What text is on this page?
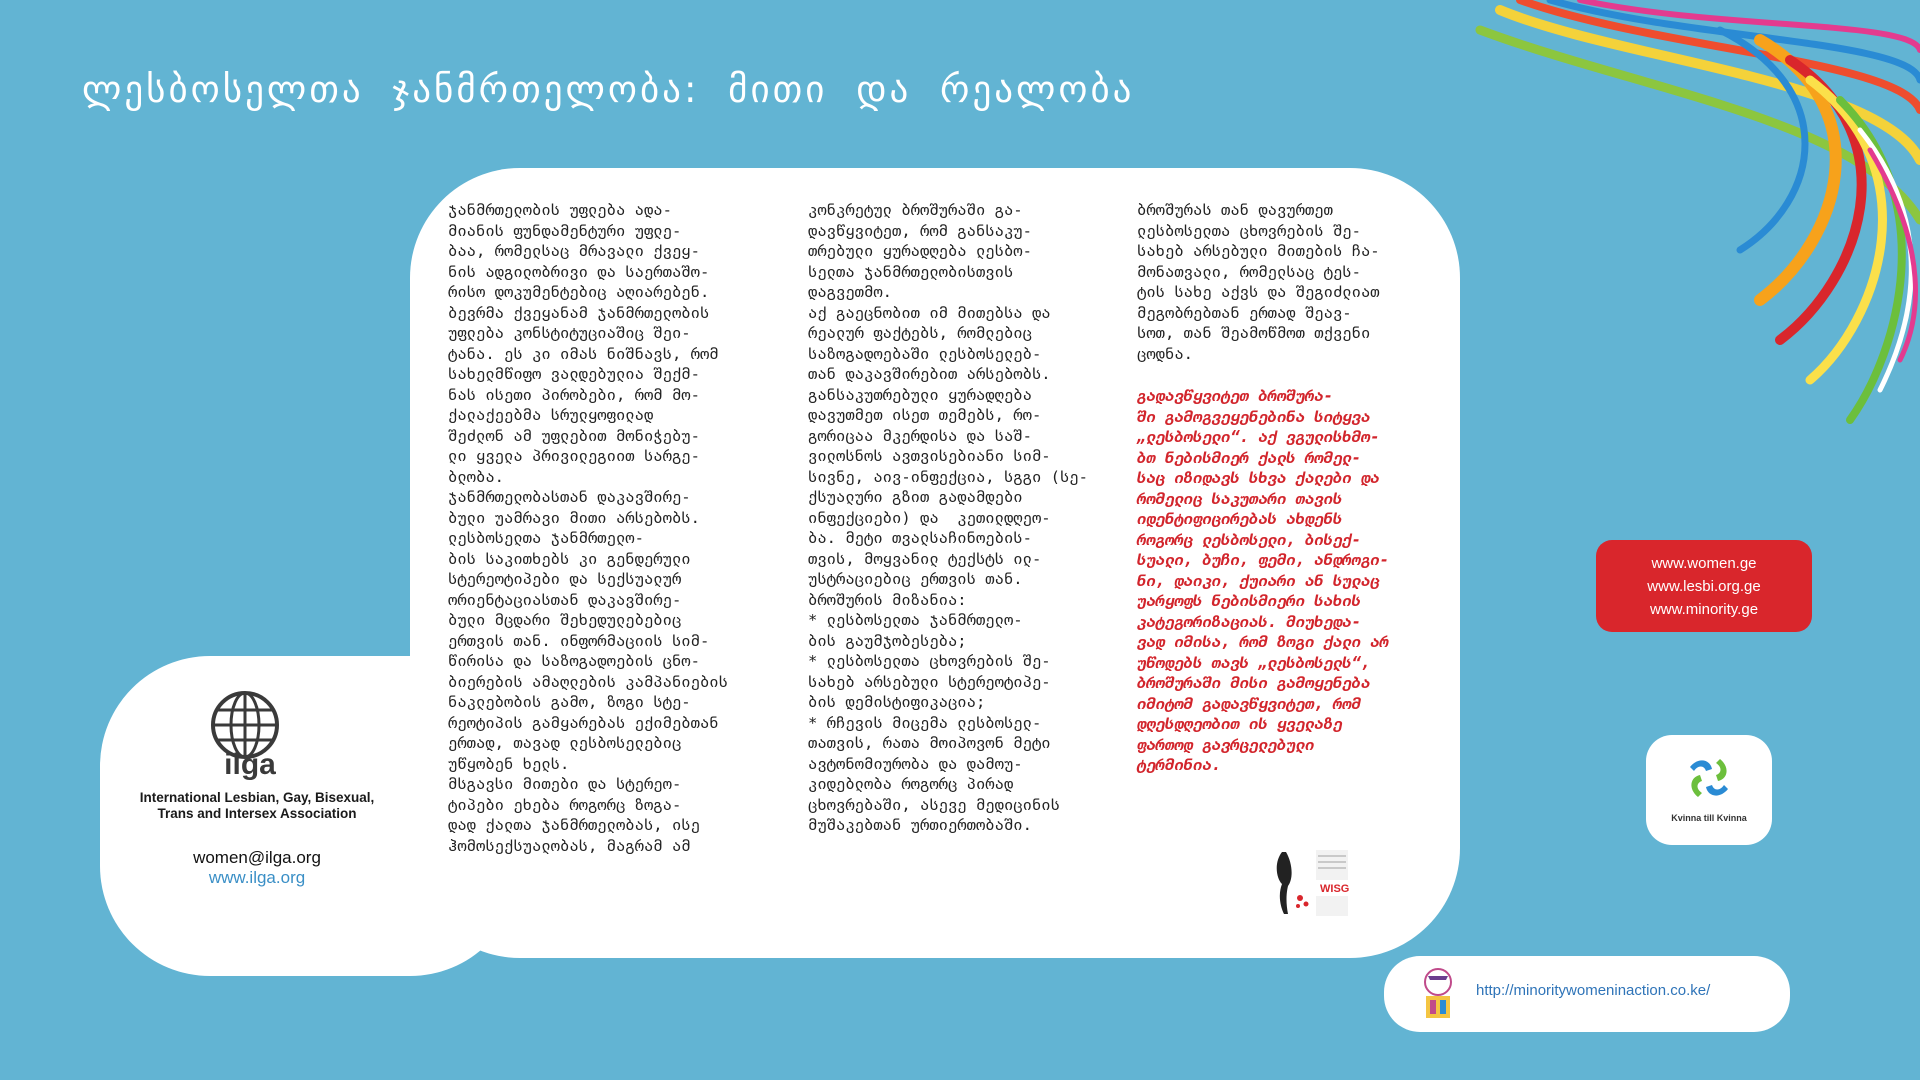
ლესბოსელთა ჯანმრთელობა: მითი და რეალობა
ჯანმრთელობის უფლება ადა-
მიანის ფუნდამენტური უფლე-
ბაა, რომელსაც მრავალი ქვეყ-
ნის ადგილობრივი და საერთაშო-
რისო დოკუმენტებიც აღიარებენ.
ბევრმა ქვეყანამ ჯანმრთელობის
უფლება კონსტიტუციაშიც შეი-
ტანა. ეს კი იმას ნიშნავს, რომ
სახელმწიფო ვალდებულია შექმ-
ნას ისეთი პირობები, რომ მო-
ქალაქეებმა სრულყოფილად
შეძლონ ამ უფლებით მონიჭებუ-
ლი ყველა პრივილეგიით სარგე-
ბლობა.
ჯანმრთელობასთან დაკავშირე-
ბული უამრავი მითი არსებობს.
ლესბოსელთა ჯანმრთელო-
ბის საკითხებს კი გენდერული
სტერეოტიპები და სექსუალურ
ორიენტაციასთან დაკავშირე-
ბული მცდარი შეხედულებებიც
ერთვის თან. ინფორმაციის სიმ-
წირისა და საზოგადოების ცნო-
ბიერების ამაღლების კამპანიების
ნაკლებობის გამო, ზოგი სტე-
რეოტიპის გამყარებას ექიმებთან
ერთად, თავად ლესბოსელებიც
უწყობენ ხელს.
მსგავსი მითები და სტერეო-
ტიპები ეხება როგორც ზოგა-
დად ქალთა ჯანმრთელობას, ისე
ჰომოსექსუალობას, მაგრამ ამ
კონკრეტულ ბროშურაში გა-
დავწყვიტეთ, რომ განსაკუ-
თრებული ყურადღება ლესბო-
სელთა ჯანმრთელობისთვის
დაგვეთმო.
აქ გაეცნობით იმ მითებსა და
რეალურ ფაქტებს, რომლებიც
საზოგადოებაში ლესბოსელებ-
თან დაკავშირებით არსებობს.
განსაკუთრებული ყურადღება
დავუთმეთ ისეთ თემებს, რო-
გორიცაა მკერდისა და საშ-
ვილოსნოს ავთვისებიანი სიმ-
სივნე, აივ-ინფექცია, სგგი (სე-
ქსუალური გზით გადამდები
ინფექციები) და  კეთილდღეო-
ბა. მეტი თვალსაჩინოების-
თვის, მოყვანილ ტექსტს ილ-
უსტრაციებიც ერთვის თან.
ბროშურის მიზანია:
* ლესბოსელთა ჯანმრთელო-
ბის გაუმჯობესება;
* ლესბოსელთა ცხოვრების შე-
სახებ არსებული სტერეოტიპე-
ბის დემისტიფიკაცია;
* რჩევის მიცემა ლესბოსელ-
თათვის, რათა მოიპოვონ მეტი
ავტონომიურობა და დამოუ-
კიდებლობა როგორც პირად
ცხოვრებაში, ასევე მედიცინის
მუშაკებთან ურთიერთობაში.
ბროშურას თან დავურთეთ
ლესბოსელთა ცხოვრების შე-
სახებ არსებული მითების ჩა-
მონათვალი, რომელსაც ტეს-
ტის სახე აქვს და შეგიძლიათ
მეგობრებთან ერთად შეავ-
სოთ, თან შეამოწმოთ თქვენი
ცოდნა.
გადავწყვიტეთ ბროშურა-
ში გამოგვეყენებინა სიტყვა
„ლესბოსელი“. აქ ვგულისხმო-
ბთ ნებისმიერ ქალს რომელ-
საც იზიდავს სხვა ქალები და
რომელიც საკუთარი თავის
იდენტიფიცირებას ახდენს
როგორც ლესბოსელი, ბისექ-
სუალი, ბუჩი, ფემი, ანდროგი-
ნი, დაიკი, ქუიარი ან სულაც
უარყოფს ნებისმიერი სახის
კატეგორიზაციას. მიუხედა-
ვად იმისა, რომ ზოგი ქალი არ
უწოდებს თავს „ლესბოსელს“,
ბროშურაში მისი გამოყენება
იმიტომ გადავწყვიტეთ, რომ
დღესდღეობით ის ყველაზე
ფართოდ გავრცელებული
ტერმინია.
ilga
International Lesbian, Gay, Bisexual,
Trans and Intersex Association
women@ilga.org
www.ilga.org
www.women.ge
www.lesbi.org.ge
www.minority.ge
Kvinna till Kvinna
WISG
http://minoritywomeninaction.co.ke/
